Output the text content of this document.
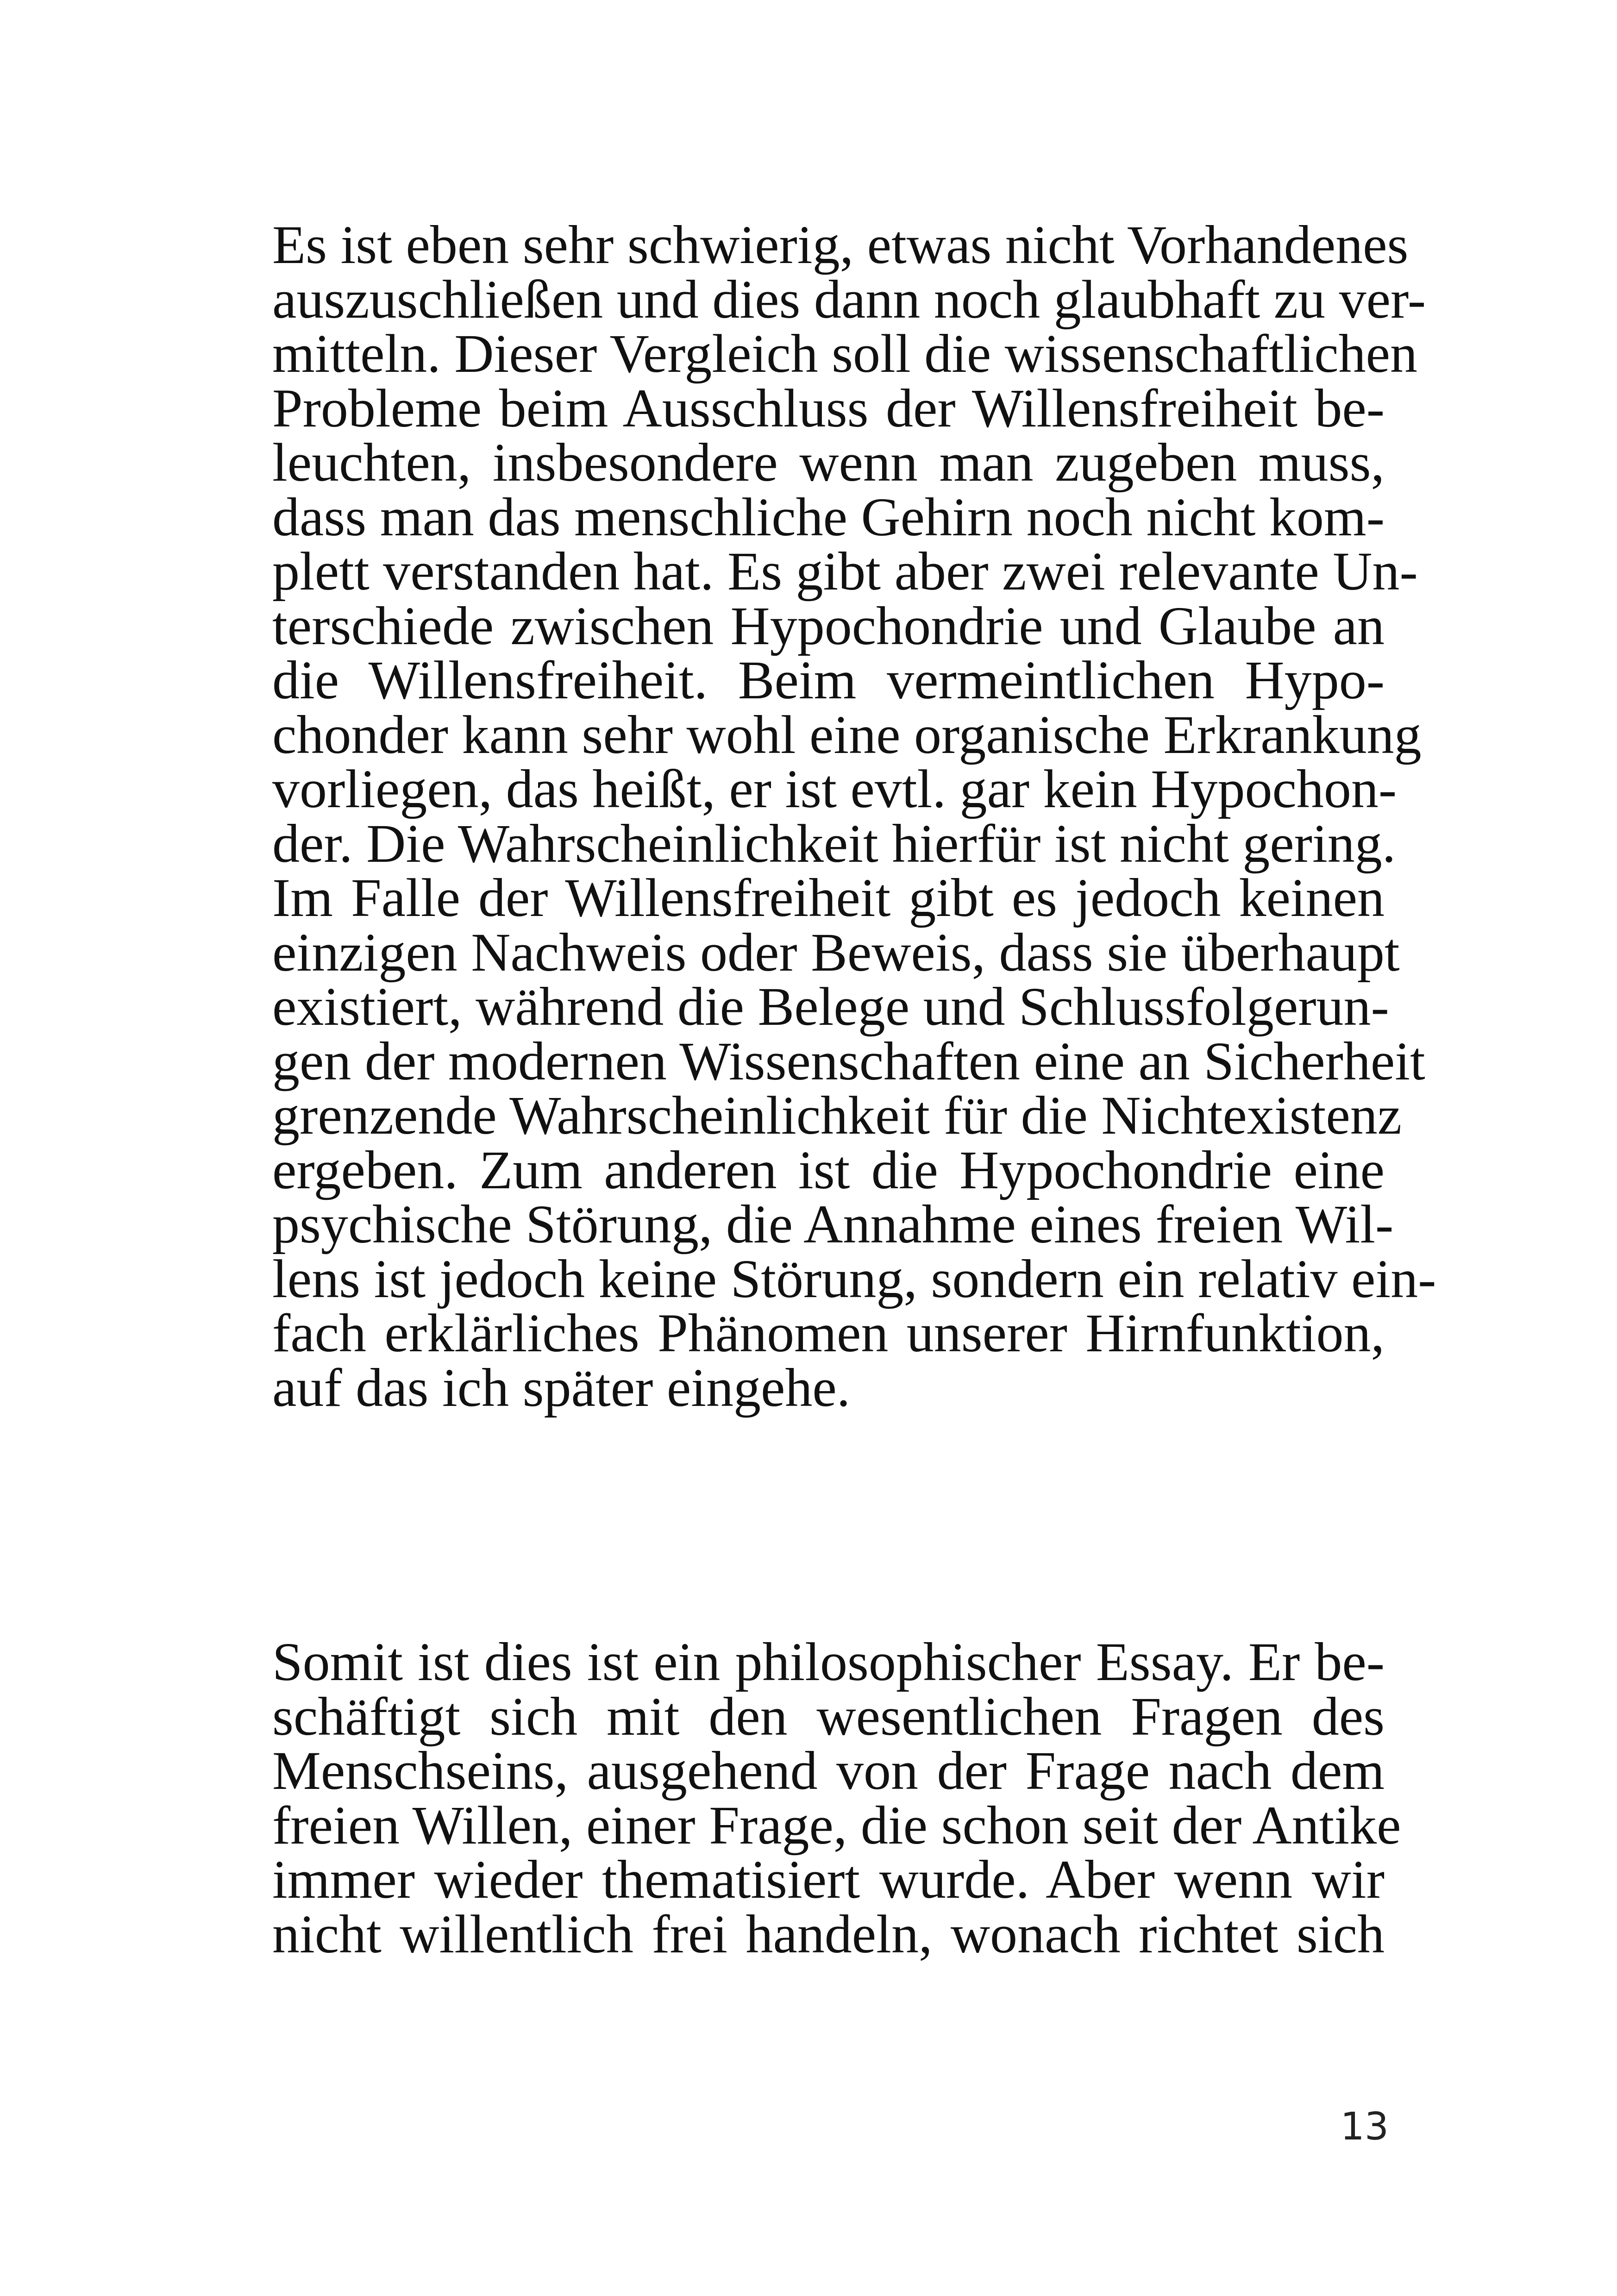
Es ist eben sehr schwierig, etwas nicht Vorhandenes
auszuschließen und dies dann noch glaubhaft zu ver-
mitteln. Dieser Vergleich soll die wissenschaftlichen
Probleme beim Ausschluss der Willensfreiheit be-
leuchten, insbesondere wenn man zugeben muss,
dass man das menschliche Gehirn noch nicht kom-
plett verstanden hat. Es gibt aber zwei relevante Un-
terschiede zwischen Hypochondrie und Glaube an
die Willensfreiheit. Beim vermeintlichen Hypo-
chonder kann sehr wohl eine organische Erkrankung
vorliegen, das heißt, er ist evtl. gar kein Hypochon-
der. Die Wahrscheinlichkeit hierfür ist nicht gering.
Im Falle der Willensfreiheit gibt es jedoch keinen
einzigen Nachweis oder Beweis, dass sie überhaupt
existiert, während die Belege und Schlussfolgerun-
gen der modernen Wissenschaften eine an Sicherheit
grenzende Wahrscheinlichkeit für die Nichtexistenz
ergeben. Zum anderen ist die Hypochondrie eine
psychische Störung, die Annahme eines freien Wil-
lens ist jedoch keine Störung, sondern ein relativ ein-
fach erklärliches Phänomen unserer Hirnfunktion,
auf das ich später eingehe.
Somit ist dies ist ein philosophischer Essay. Er be-
schäftigt sich mit den wesentlichen Fragen des
Menschseins, ausgehend von der Frage nach dem
freien Willen, einer Frage, die schon seit der Antike
immer wieder thematisiert wurde. Aber wenn wir
nicht willentlich frei handeln, wonach richtet sich
13
